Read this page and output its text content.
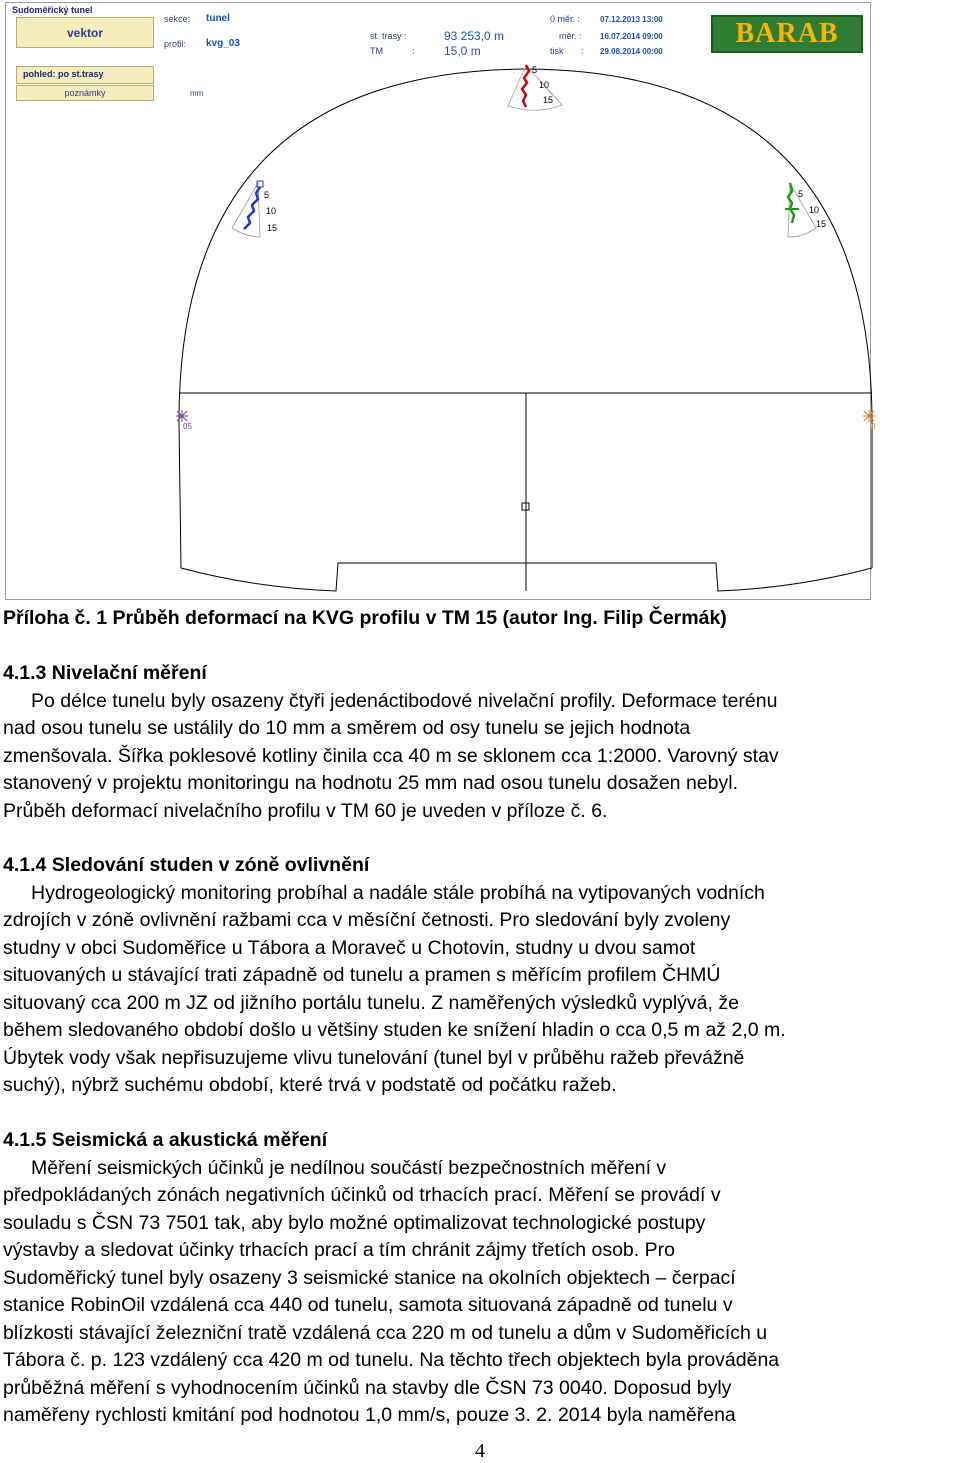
5
10
15
5
10
15
5
10
15
05	0
Sudoměřický tunel
vektor
pohled: po st.trasy
poznámky	mm
sekce: tunel
profil: kvg_03
st. trasy :	93 253,0 m
TM	: 15,0 m
0 měr. : 07.12.2013 13:00
měr. : 16.07.2014 09:00
tisk : 29.08.2014 00:00
BARAB
Příloha č. 1 Průběh deformací na KVG profilu v TM 15 (autor Ing. Filip Čermák)
4.1.3 Nivelační měření
Po délce tunelu byly osazeny čtyři jedenáctibodové nivelační profily. Deformace terénu
nad osou tunelu se ustálily do 10 mm a směrem od osy tunelu se jejich hodnota
zmenšovala. Šířka poklesové kotliny činila cca 40 m se sklonem cca 1:2000. Varovný stav
stanovený v projektu monitoringu na hodnotu 25 mm nad osou tunelu dosažen nebyl.
Průběh deformací nivelačního profilu v TM 60 je uveden v příloze č. 6.
4.1.4 Sledování studen v zóně ovlivnění
Hydrogeologický monitoring probíhal a nadále stále probíhá na vytipovaných vodních
zdrojích v zóně ovlivnění ražbami cca v měsíční četnosti. Pro sledování byly zvoleny
studny v obci Sudoměřice u Tábora a Moraveč u Chotovin, studny u dvou samot
situovaných u stávající trati západně od tunelu a pramen s měřícím profilem ČHMÚ
situovaný cca 200 m JZ od jižního portálu tunelu. Z naměřených výsledků vyplývá, že
během sledovaného období došlo u většiny studen ke snížení hladin o cca 0,5 m až 2,0 m.
Úbytek vody však nepřisuzujeme vlivu tunelování (tunel byl v průběhu ražeb převážně
suchý), nýbrž suchému období, které trvá v podstatě od počátku ražeb.
4.1.5 Seismická a akustická měření
Měření seismických účinků je nedílnou součástí bezpečnostních měření v
předpokládaných zónách negativních účinků od trhacích prací. Měření se provádí v
souladu s ČSN 73 7501 tak, aby bylo možné optimalizovat technologické postupy
výstavby a sledovat účinky trhacích prací a tím chránit zájmy třetích osob. Pro
Sudoměřický tunel byly osazeny 3 seismické stanice na okolních objektech – čerpací
stanice RobinOil vzdálená cca 440 od tunelu, samota situovaná západně od tunelu v
blízkosti stávající železniční tratě vzdálená cca 220 m od tunelu a dům v Sudoměřicích u
Tábora č. p. 123 vzdálený cca 420 m od tunelu. Na těchto třech objektech byla prováděna
průběžná měření s vyhodnocením účinků na stavby dle ČSN 73 0040. Doposud byly
naměřeny rychlosti kmitání pod hodnotou 1,0 mm/s, pouze 3. 2. 2014 byla naměřena
4
